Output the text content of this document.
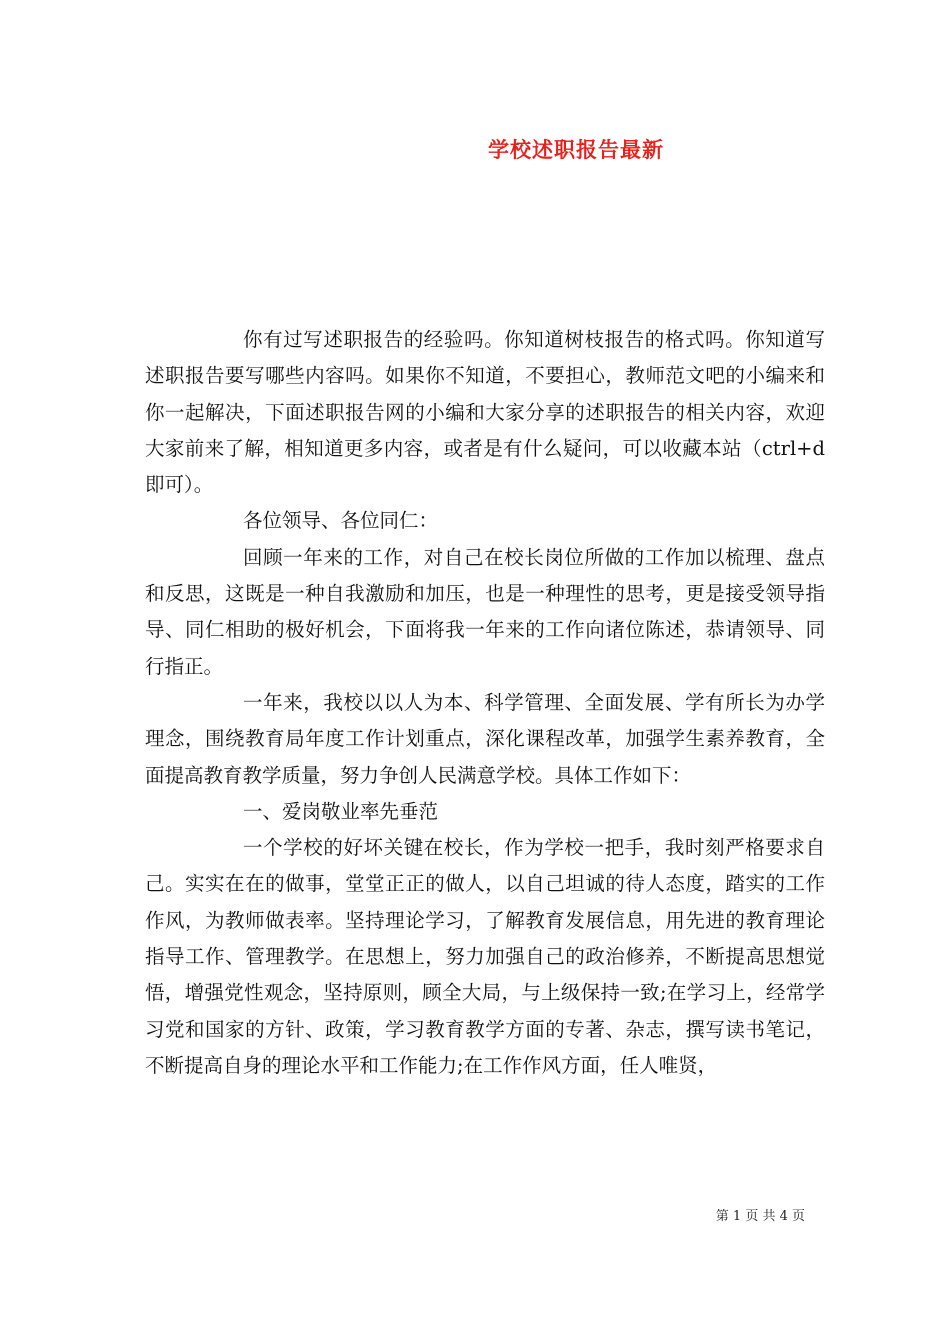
学校述职报告最新

你有过写述职报告的经验吗。你知道树枝报告的格式吗。你知道写述职报告要写哪些内容吗。如果你不知道，不要担心，教师范文吧的小编来和你一起解决，下面述职报告网的小编和大家分享的述职报告的相关内容，欢迎大家前来了解，相知道更多内容，或者是有什么疑问，可以收藏本站（ctrl+d 即可）。

各位领导、各位同仁：

回顾一年来的工作，对自己在校长岗位所做的工作加以梳理、盘点和反思，这既是一种自我激励和加压，也是一种理性的思考，更是接受领导指导、同仁相助的极好机会，下面将我一年来的工作向诸位陈述，恭请领导、同行指正。

一年来，我校以以人为本、科学管理、全面发展、学有所长为办学理念，围绕教育局年度工作计划重点，深化课程改革，加强学生素养教育，全面提高教育教学质量，努力争创人民满意学校。具体工作如下：

一、爱岗敬业率先垂范

一个学校的好坏关键在校长，作为学校一把手，我时刻严格要求自己。实实在在的做事，堂堂正正的做人，以自己坦诚的待人态度，踏实的工作作风，为教师做表率。坚持理论学习，了解教育发展信息，用先进的教育理论指导工作、管理教学。在思想上，努力加强自己的政治修养，不断提高思想觉悟，增强党性观念，坚持原则，顾全大局，与上级保持一致;在学习上，经常学习党和国家的方针、政策，学习教育教学方面的专著、杂志，撰写读书笔记，不断提高自身的理论水平和工作能力;在工作作风方面，任人唯贤，

第 1 页 共 4 页
